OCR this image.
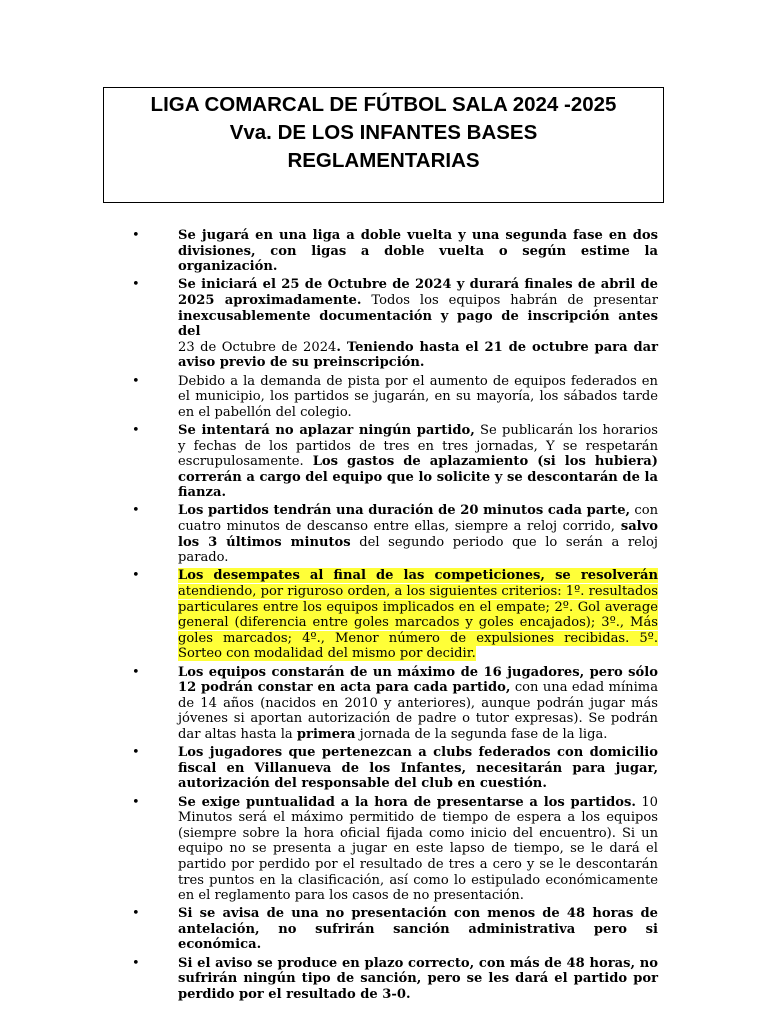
LIGA COMARCAL DE FÚTBOL SALA 2024 -2025
Vva. DE LOS INFANTES BASES
REGLAMENTARIAS
•	Se jugará en una liga a doble vuelta y una segunda fase en dos divisiones, con ligas a doble vuelta o según estime la organización.
•	Se iniciará el 25 de Octubre de 2024 y durará finales de abril de 2025 aproximadamente. Todos los equipos habrán de presentar inexcusablemente documentación y pago de inscripción antes del
23 de Octubre de 2024. Teniendo hasta el 21 de octubre para dar aviso previo de su preinscripción.
•	Debido a la demanda de pista por el aumento de equipos federados en el municipio, los partidos se jugarán, en su mayoría, los sábados tarde en el pabellón del colegio.
•	Se intentará no aplazar ningún partido, Se publicarán los horarios y fechas de los partidos de tres en tres jornadas, Y se respetarán escrupulosamente. Los gastos de aplazamiento (si los hubiera) correrán a cargo del equipo que lo solicite y se descontarán de la fianza.
•	Los partidos tendrán una duración de 20 minutos cada parte, con cuatro minutos de descanso entre ellas, siempre a reloj corrido, salvo los 3 últimos minutos del segundo periodo que lo serán a reloj parado.
•	Los desempates al final de las competiciones, se resolverán atendiendo, por riguroso orden, a los siguientes criterios: 1º. resultados particulares entre los equipos implicados en el empate; 2º. Gol average general (diferencia entre goles marcados y goles encajados); 3º., Más goles marcados; 4º., Menor número de expulsiones recibidas. 5º. Sorteo con modalidad del mismo por decidir.
•	Los equipos constarán de un máximo de 16 jugadores, pero sólo 12 podrán constar en acta para cada partido, con una edad mínima de 14 años (nacidos en 2010 y anteriores), aunque podrán jugar más jóvenes si aportan autorización de padre o tutor expresas). Se podrán dar altas hasta la primera jornada de la segunda fase de la liga.
•	Los jugadores que pertenezcan a clubs federados con domicilio fiscal en Villanueva de los Infantes, necesitarán para jugar, autorización del responsable del club en cuestión.
•	Se exige puntualidad a la hora de presentarse a los partidos. 10 Minutos será el máximo permitido de tiempo de espera a los equipos (siempre sobre la hora oficial fijada como inicio del encuentro). Si un equipo no se presenta a jugar en este lapso de tiempo, se le dará el partido por perdido por el resultado de tres a cero y se le descontarán tres puntos en la clasificación, así como lo estipulado económicamente en el reglamento para los casos de no presentación.
•	Si se avisa de una no presentación con menos de 48 horas de antelación, no sufrirán sanción administrativa pero si económica.
•	Si el aviso se produce en plazo correcto, con más de 48 horas, no sufrirán ningún tipo de sanción, pero se les dará el partido por perdido por el resultado de 3-0.
